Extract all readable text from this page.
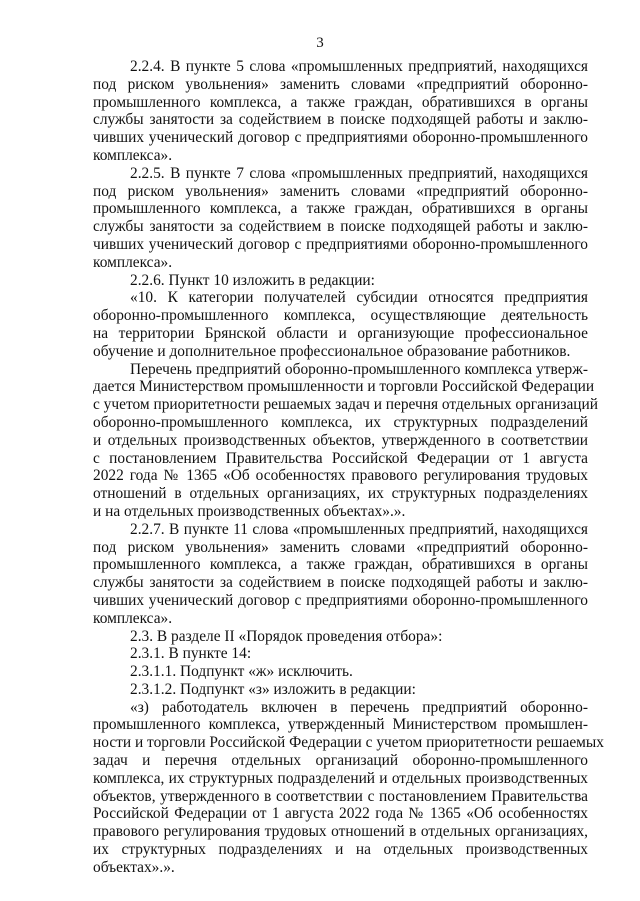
3
2.2.4. В пункте 5 слова «промышленных предприятий, находящихся
под риском увольнения» заменить словами «предприятий оборонно-
промышленного комплекса, а также граждан, обратившихся в органы
службы занятости за содействием в поиске подходящей работы и заклю-
чивших ученический договор с предприятиями оборонно-промышленного
комплекса».
2.2.5. В пункте 7 слова «промышленных предприятий, находящихся
под риском увольнения» заменить словами «предприятий оборонно-
промышленного комплекса, а также граждан, обратившихся в органы
службы занятости за содействием в поиске подходящей работы и заклю-
чивших ученический договор с предприятиями оборонно-промышленного
комплекса».
2.2.6. Пункт 10 изложить в редакции:
«10. К категории получателей субсидии относятся предприятия
оборонно-промышленного комплекса, осуществляющие деятельность
на территории Брянской области и организующие профессиональное
обучение и дополнительное профессиональное образование работников.
Перечень предприятий оборонно-промышленного комплекса утверж-
дается Министерством промышленности и торговли Российской Федерации
с учетом приоритетности решаемых задач и перечня отдельных организаций
оборонно-промышленного комплекса, их структурных подразделений
и отдельных производственных объектов, утвержденного в соответствии
с постановлением Правительства Российской Федерации от 1 августа
2022 года № 1365 «Об особенностях правового регулирования трудовых
отношений в отдельных организациях, их структурных подразделениях
и на отдельных производственных объектах».».
2.2.7. В пункте 11 слова «промышленных предприятий, находящихся
под риском увольнения» заменить словами «предприятий оборонно-
промышленного комплекса, а также граждан, обратившихся в органы
службы занятости за содействием в поиске подходящей работы и заклю-
чивших ученический договор с предприятиями оборонно-промышленного
комплекса».
2.3. В разделе II «Порядок проведения отбора»:
2.3.1. В пункте 14:
2.3.1.1. Подпункт «ж» исключить.
2.3.1.2. Подпункт «з» изложить в редакции:
«з) работодатель включен в перечень предприятий оборонно-
промышленного комплекса, утвержденный Министерством промышлен-
ности и торговли Российской Федерации с учетом приоритетности решаемых
задач и перечня отдельных организаций оборонно-промышленного
комплекса, их структурных подразделений и отдельных производственных
объектов, утвержденного в соответствии с постановлением Правительства
Российской Федерации от 1 августа 2022 года № 1365 «Об особенностях
правового регулирования трудовых отношений в отдельных организациях,
их структурных подразделениях и на отдельных производственных
объектах».».
